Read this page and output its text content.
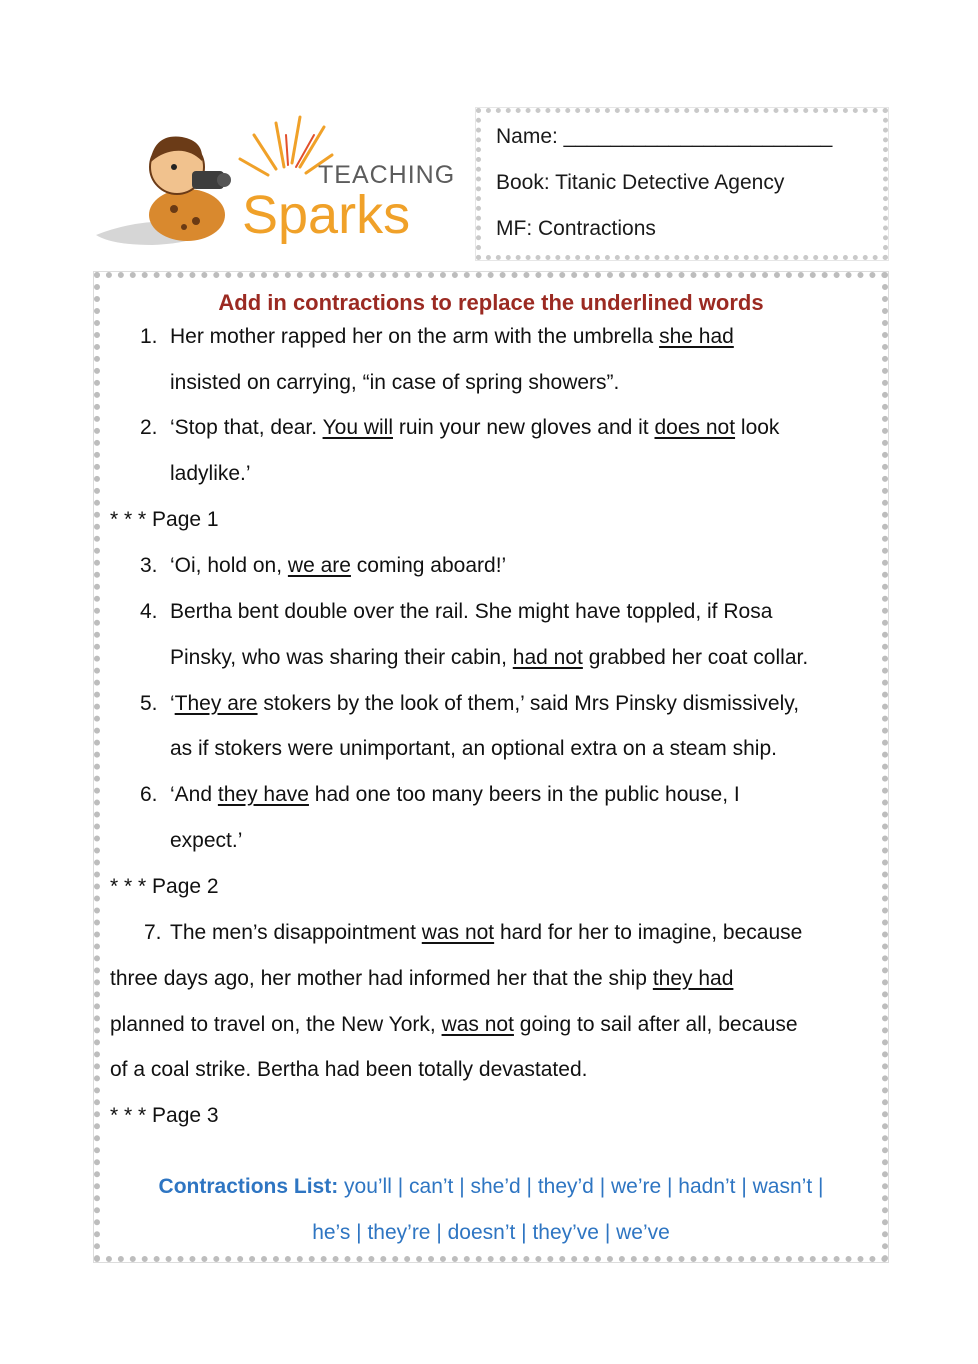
TEACHING
Sparks
Name: _______________________
Book: Titanic Detective Agency
MF: Contractions
Add in contractions to replace the underlined words
1. Her mother rapped her on the arm with the umbrella she had
insisted on carrying, “in case of spring showers”.
2. ‘Stop that, dear. You will ruin your new gloves and it does not look
ladylike.’
* * * Page 1
3. ‘Oi, hold on, we are coming aboard!’
4. Bertha bent double over the rail. She might have toppled, if Rosa
Pinsky, who was sharing their cabin, had not grabbed her coat collar.
5. ‘They are stokers by the look of them,’ said Mrs Pinsky dismissively,
as if stokers were unimportant, an optional extra on a steam ship.
6. ‘And they have had one too many beers in the public house, I
expect.’
* * * Page 2
7. The men’s disappointment was not hard for her to imagine, because
three days ago, her mother had informed her that the ship they had
planned to travel on, the New York, was not going to sail after all, because
of a coal strike. Bertha had been totally devastated.
* * * Page 3
Contractions List: you’ll | can’t | she’d | they’d | we’re | hadn’t | wasn’t |
he’s | they’re | doesn’t | they’ve | we’ve
